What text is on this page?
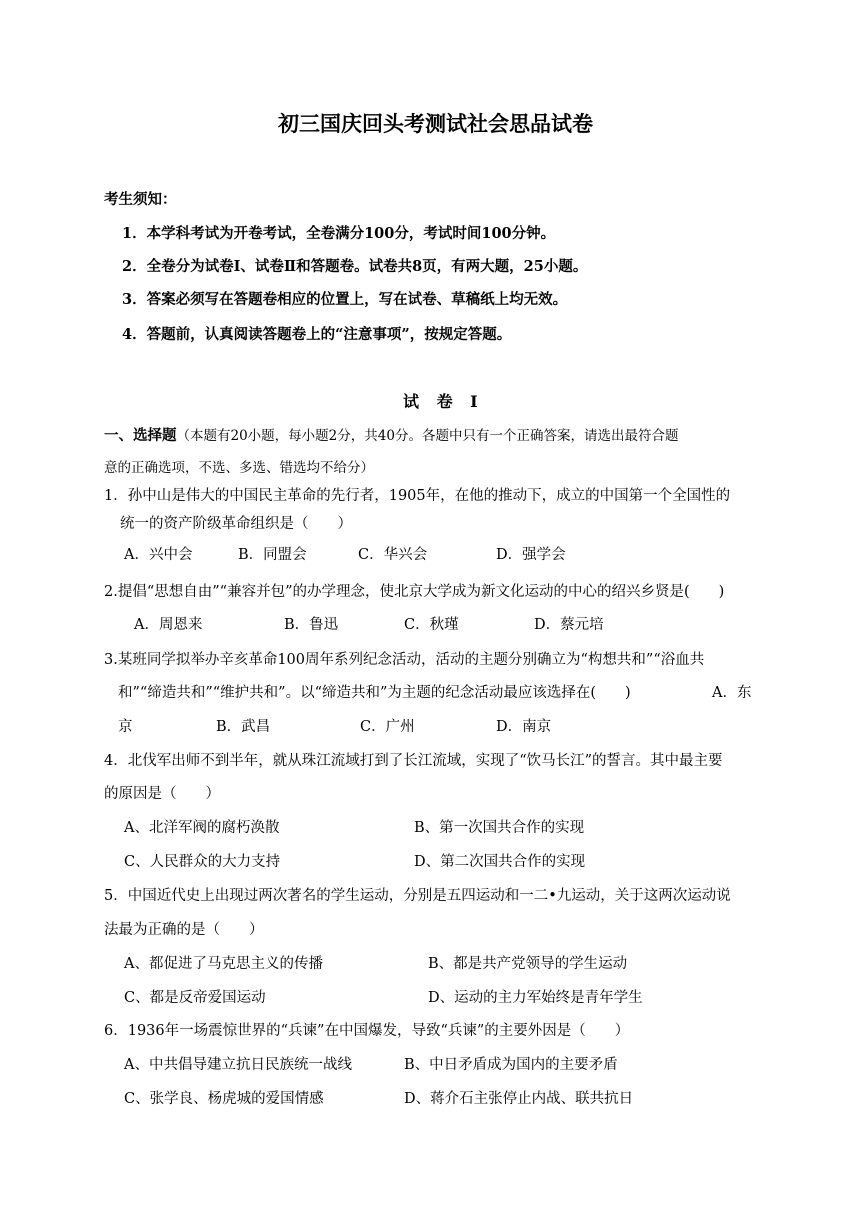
初三国庆回头考测试社会思品试卷
考生须知：
1．本学科考试为开卷考试，全卷满分100分，考试时间100分钟。
2．全卷分为试卷Ⅰ、试卷Ⅱ和答题卷。试卷共8页，有两大题，25小题。
3．答案必须写在答题卷相应的位置上，写在试卷、草稿纸上均无效。
4．答题前，认真阅读答题卷上的“注意事项”，按规定答题。
试 卷 I
一、选择题（本题有20小题，每小题2分，共40分。各题中只有一个正确答案，请选出最符合题
意的正确选项，不选、多选、错选均不给分）
1．孙中山是伟大的中国民主革命的先行者，1905年，在他的推动下，成立的中国第一个全国性的
统一的资产阶级革命组织是（　　）
A．兴中会	B．同盟会	C．华兴会	D．强学会
2.提倡“思想自由”“兼容并包”的办学理念，使北京大学成为新文化运动的中心的绍兴乡贤是(　　)
A．周恩来	B．鲁迅	C．秋瑾	D．蔡元培
3.某班同学拟举办辛亥革命100周年系列纪念活动，活动的主题分别确立为“构想共和”“浴血共
和”“缔造共和”“维护共和”。以“缔造共和”为主题的纪念活动最应该选择在(　　)	A．东
京	B．武昌	C．广州	D．南京
4．北伐军出师不到半年，就从珠江流域打到了长江流域，实现了“饮马长江”的誓言。其中最主要
的原因是（　　）
A、北洋军阀的腐朽涣散	B、第一次国共合作的实现
C、人民群众的大力支持	D、第二次国共合作的实现
5．中国近代史上出现过两次著名的学生运动，分别是五四运动和一二•九运动，关于这两次运动说
法最为正确的是（　　）
A、都促进了马克思主义的传播	B、都是共产党领导的学生运动
C、都是反帝爱国运动	D、运动的主力军始终是青年学生
6．1936年一场震惊世界的“兵谏”在中国爆发，导致“兵谏”的主要外因是（　　）
A、中共倡导建立抗日民族统一战线	B、中日矛盾成为国内的主要矛盾
C、张学良、杨虎城的爱国情感	D、蒋介石主张停止内战、联共抗日
